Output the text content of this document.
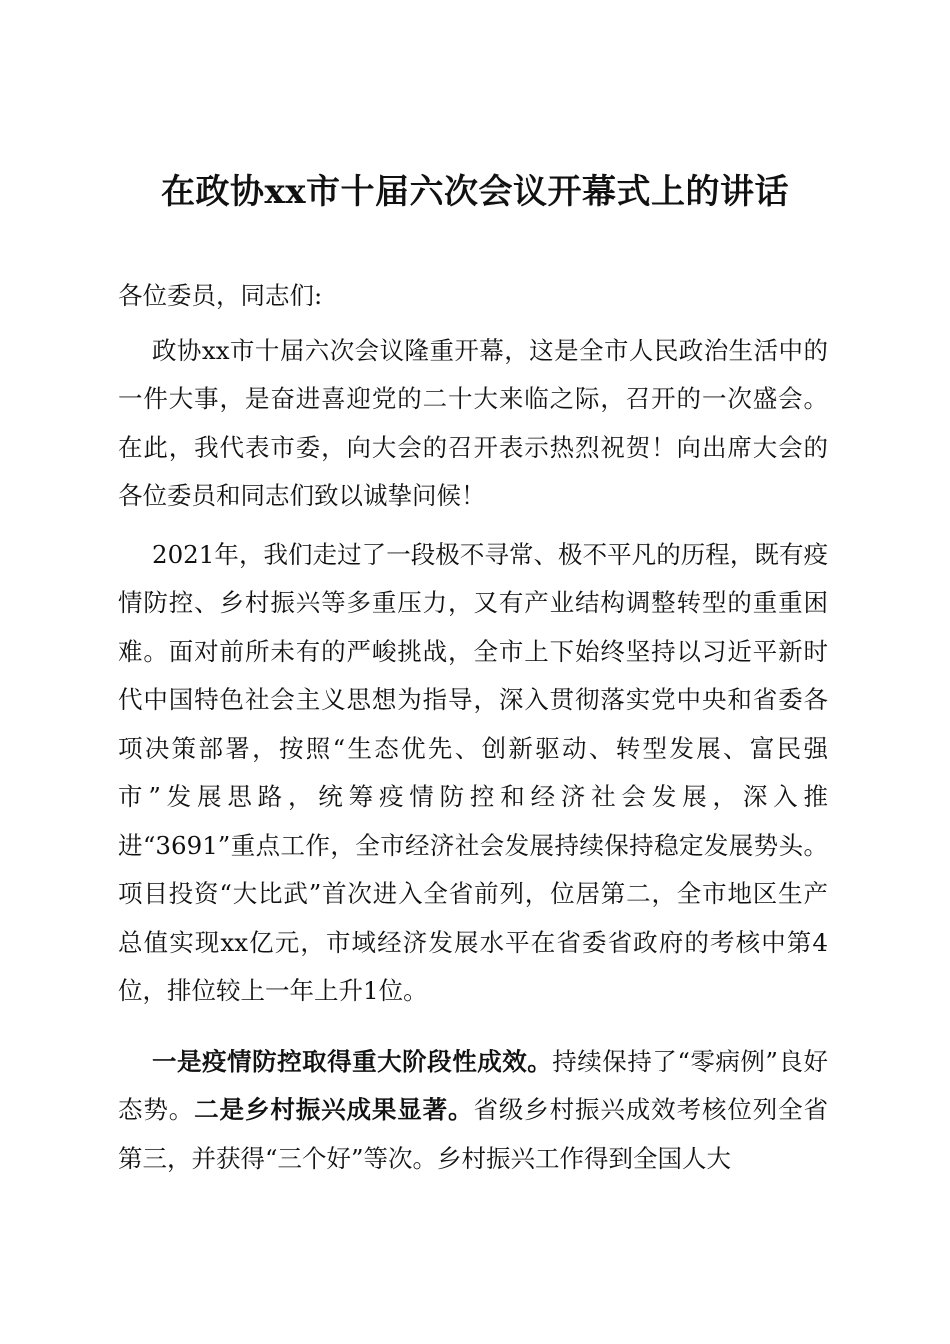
在政协xx市十届六次会议开幕式上的讲话

各位委员，同志们:

政协xx市十届六次会议隆重开幕，这是全市人民政治生活中的一件大事，是奋进喜迎党的二十大来临之际，召开的一次盛会。在此，我代表市委，向大会的召开表示热烈祝贺！向出席大会的各位委员和同志们致以诚挚问候！

2021年，我们走过了一段极不寻常、极不平凡的历程，既有疫情防控、乡村振兴等多重压力，又有产业结构调整转型的重重困难。面对前所未有的严峻挑战，全市上下始终坚持以习近平新时代中国特色社会主义思想为指导，深入贯彻落实党中央和省委各项决策部署，按照“生态优先、创新驱动、转型发展、富民强市”发展思路，统筹疫情防控和经济社会发展，深入推进“3691”重点工作，全市经济社会发展持续保持稳定发展势头。项目投资“大比武”首次进入全省前列，位居第二，全市地区生产总值实现xx亿元，市域经济发展水平在省委省政府的考核中第4位，排位较上一年上升1位。

一是疫情防控取得重大阶段性成效。持续保持了“零病例”良好态势。二是乡村振兴成果显著。省级乡村振兴成效考核位列全省第三，并获得“三个好”等次。乡村振兴工作得到全国人大
